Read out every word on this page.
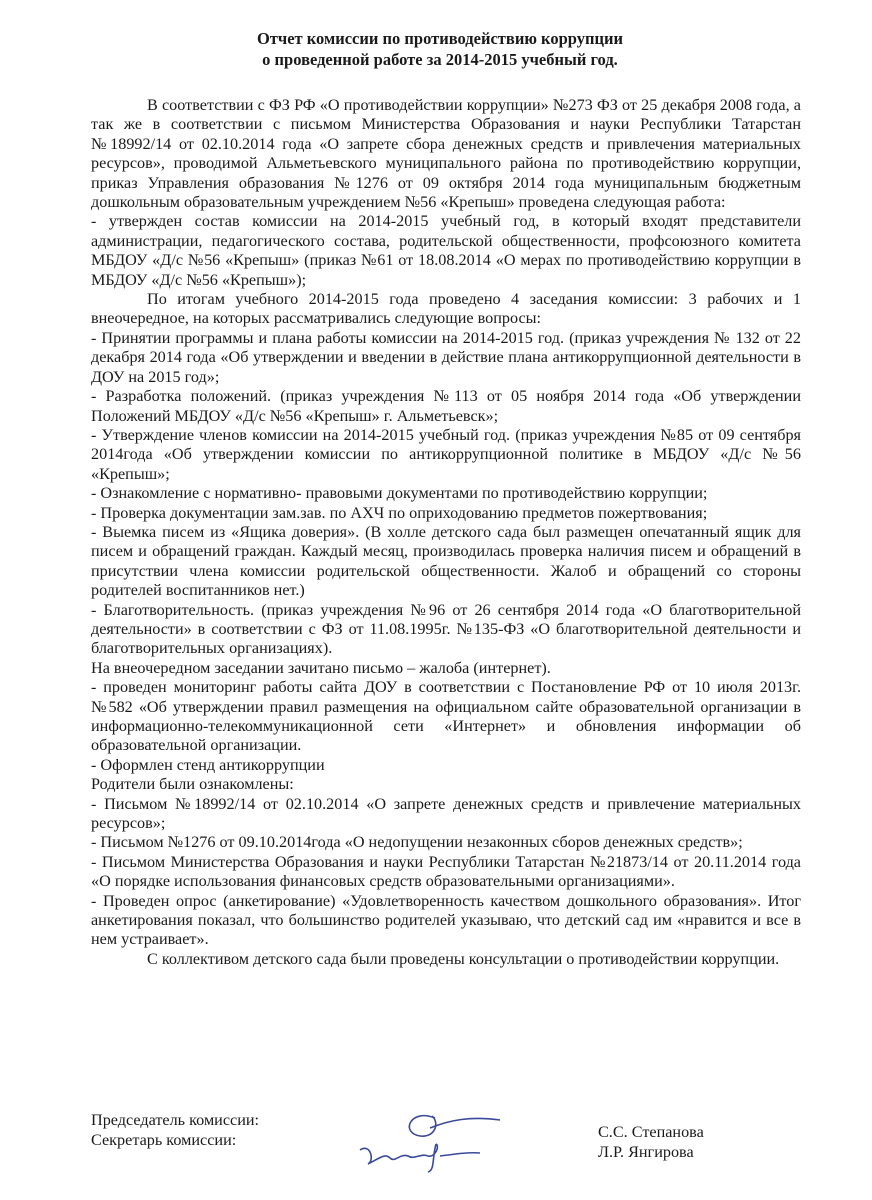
Отчет комиссии по противодействию коррупции
о проведенной работе за 2014-2015 учебный год.

В соответствии с ФЗ РФ «О противодействии коррупции» №273 ФЗ от 25 декабря 2008 года, а так же в соответствии с письмом Министерства Образования и науки Республики Татарстан №18992/14 от 02.10.2014 года «О запрете сбора денежных средств и привлечения материальных ресурсов», проводимой Альметьевского муниципального района по противодействию коррупции, приказ Управления образования №1276 от 09 октября 2014 года муниципальным бюджетным дошкольным образовательным учреждением №56 «Крепыш» проведена следующая работа:

- утвержден состав комиссии на 2014-2015 учебный год, в который входят представители администрации, педагогического состава, родительской общественности, профсоюзного комитета МБДОУ «Д/с №56 «Крепыш» (приказ №61 от 18.08.2014 «О мерах по противодействию коррупции в МБДОУ «Д/с №56 «Крепыш»);

По итогам учебного 2014-2015 года проведено 4 заседания комиссии: 3 рабочих и 1 внеочередное, на которых рассматривались следующие вопросы:

- Принятии программы и плана работы комиссии на 2014-2015 год. (приказ учреждения № 132 от 22 декабря 2014 года «Об утверждении и введении в действие плана антикоррупционной деятельности в ДОУ на 2015 год»;

- Разработка положений. (приказ учреждения №113 от 05 ноября 2014 года «Об утверждении Положений МБДОУ «Д/с №56 «Крепыш» г. Альметьевск»;

- Утверждение членов комиссии на 2014-2015 учебный год. (приказ учреждения №85 от 09 сентября 2014года «Об утверждении комиссии по антикоррупционной политике в МБДОУ «Д/с №56 «Крепыш»;

- Ознакомление с нормативно- правовыми документами по противодействию коррупции;

- Проверка документации зам.зав. по АХЧ по оприходованию предметов пожертвования;

- Выемка писем из «Ящика доверия». (В холле детского сада был размещен опечатанный ящик для писем и обращений граждан. Каждый месяц, производилась проверка наличия писем и обращений в присутствии члена комиссии родительской общественности. Жалоб и обращений со стороны родителей воспитанников нет.)

- Благотворительность. (приказ учреждения №96 от 26 сентября 2014 года «О благотворительной деятельности» в соответствии с ФЗ от 11.08.1995г. №135-ФЗ «О благотворительной деятельности и благотворительных организациях).

На внеочередном заседании зачитано письмо – жалоба (интернет).

- проведен мониторинг работы сайта ДОУ в соответствии с Постановление РФ от 10 июля 2013г. №582 «Об утверждении правил размещения на официальном сайте образовательной организации в информационно-телекоммуникационной сети «Интернет» и обновления информации об образовательной организации.

- Оформлен стенд антикоррупции

Родители были ознакомлены:

- Письмом №18992/14 от 02.10.2014 «О запрете денежных средств и привлечение материальных ресурсов»;

- Письмом №1276 от 09.10.2014года «О недопущении незаконных сборов денежных средств»;

- Письмом Министерства Образования и науки Республики Татарстан №21873/14 от 20.11.2014 года «О порядке использования финансовых средств образовательными организациями».

- Проведен опрос (анкетирование) «Удовлетворенность качеством дошкольного образования». Итог анкетирования показал, что большинство родителей указываю, что детский сад им «нравится и все в нем устраивает».

С коллективом детского сада были проведены консультации о противодействии коррупции.

Председатель комиссии:
Секретарь комиссии:	С.С. Степанова
Л.Р. Янгирова
